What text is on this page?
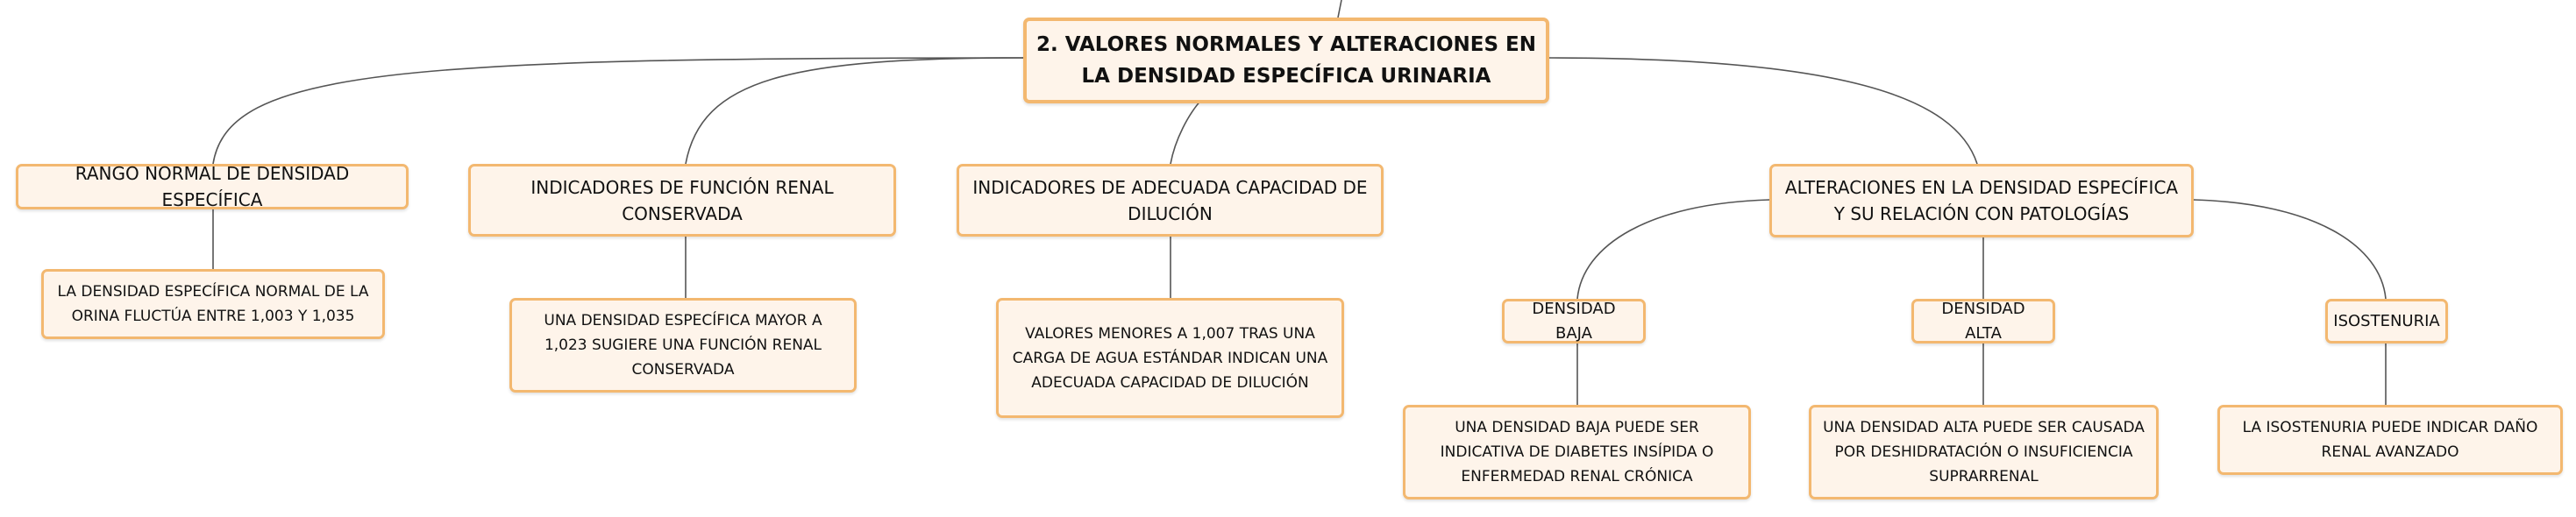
2. VALORES NORMALES Y ALTERACIONES EN LA DENSIDAD ESPECÍFICA URINARIA
RANGO NORMAL DE DENSIDAD ESPECÍFICA
INDICADORES DE FUNCIÓN RENAL CONSERVADA
INDICADORES DE ADECUADA CAPACIDAD DE DILUCIÓN
ALTERACIONES EN LA DENSIDAD ESPECÍFICA Y SU RELACIÓN CON PATOLOGÍAS
LA DENSIDAD ESPECÍFICA NORMAL DE LA ORINA FLUCTÚA ENTRE 1,003 Y 1,035	UNA DENSIDAD ESPECÍFICA MAYOR A 1,023 SUGIERE UNA FUNCIÓN RENAL CONSERVADA
VALORES MENORES A 1,007 TRAS UNA CARGA DE AGUA ESTÁNDAR INDICAN UNA ADECUADA CAPACIDAD DE DILUCIÓN
DENSIDAD BAJA
DENSIDAD ALTA
ISOSTENURIA
UNA DENSIDAD BAJA PUEDE SER INDICATIVA DE DIABETES INSÍPIDA O ENFERMEDAD RENAL CRÓNICA
UNA DENSIDAD ALTA PUEDE SER CAUSADA POR DESHIDRATACIÓN O INSUFICIENCIA SUPRARRENAL
LA ISOSTENURIA PUEDE INDICAR DAÑO RENAL AVANZADO
